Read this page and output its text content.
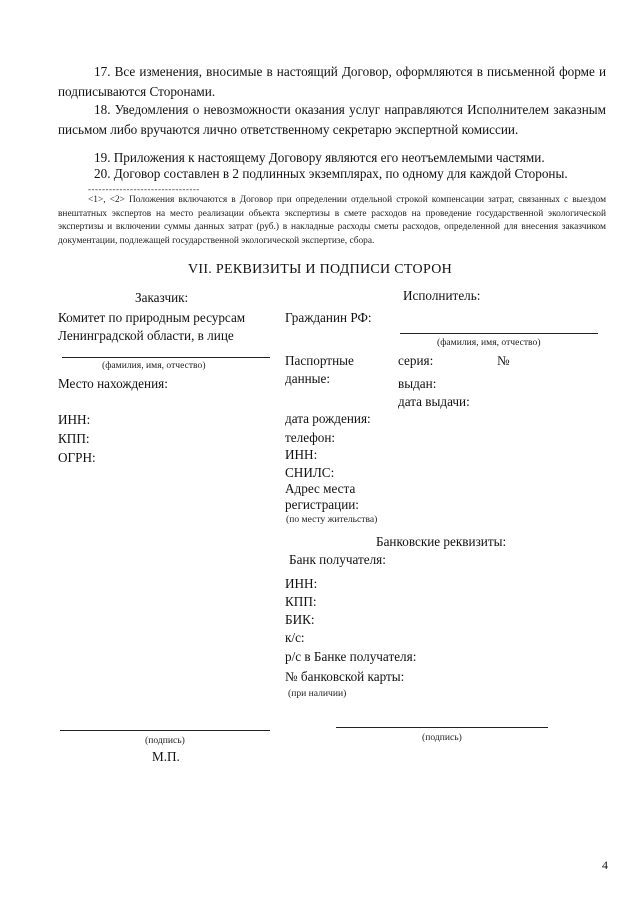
17. Все изменения, вносимые в настоящий Договор, оформляются в письменной форме и подписываются Сторонами.
18. Уведомления о невозможности оказания услуг направляются Исполнителем заказным письмом либо вручаются лично ответственному секретарю экспертной комиссии.
19. Приложения к настоящему Договору являются его неотъемлемыми частями.
20. Договор составлен в 2 подлинных экземплярах, по одному для каждой Стороны.
--------------------------------
<1>, <2> Положения включаются в Договор при определении отдельной строкой компенсации затрат, связанных с выездом внештатных экспертов на место реализации объекта экспертизы в смете расходов на проведение государственной экологической экспертизы и включении суммы данных затрат (руб.) в накладные расходы сметы расходов, определенной для внесения заказчиком документации, подлежащей государственной экологической экспертизе, сбора.
VII. РЕКВИЗИТЫ И ПОДПИСИ СТОРОН
Заказчик:
Комитет по природным ресурсам
Ленинградской области, в лице
(фамилия, имя, отчество)
Место нахождения:
ИНН:
КПП:
ОГРН:
Исполнитель:
Гражданин РФ:
(фамилия, имя, отчество)
Паспортные
данные:
серия:	№
выдан:
дата выдачи:
дата рождения:
телефон:
ИНН:
СНИЛС:
Адрес места
регистрации:
(по месту жительства)
Банковские реквизиты:
Банк получателя:
ИНН:
КПП:
БИК:
к/с:
р/с в Банке получателя:
№ банковской карты:
(при наличии)
(подпись)
М.П.
(подпись)
4
